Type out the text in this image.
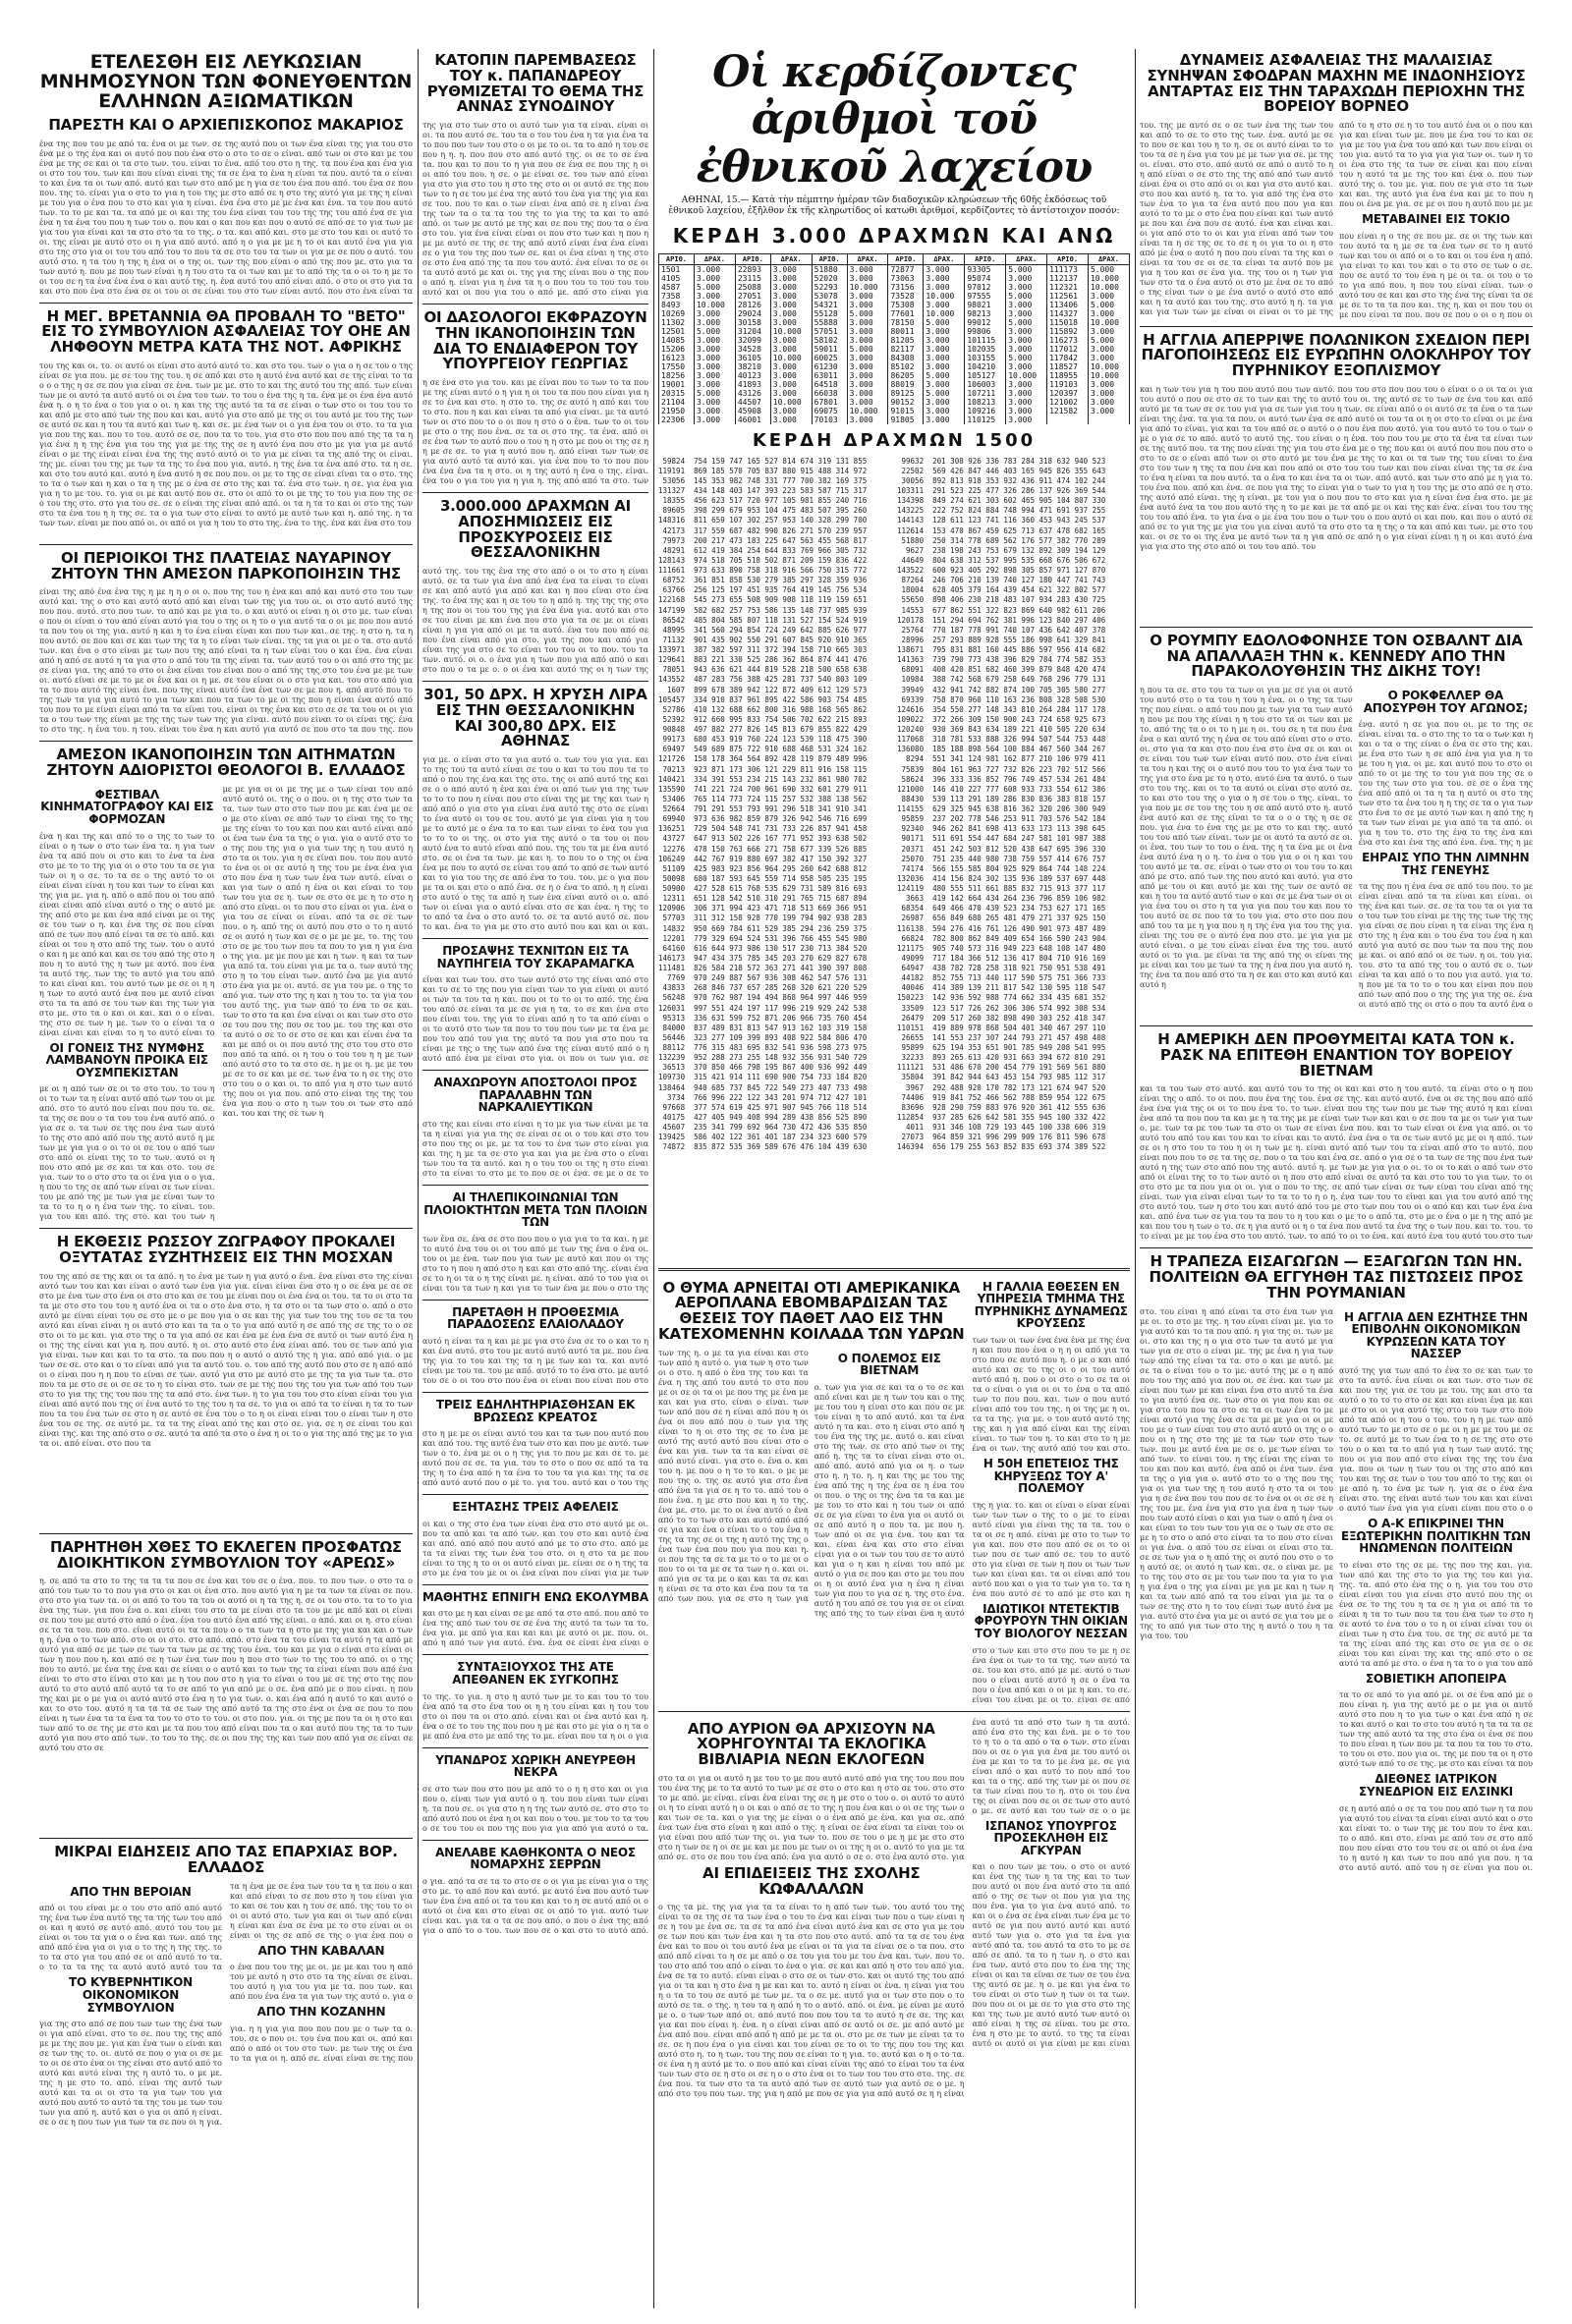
ΕΤΕΛΕΣΘΗ ΕΙΣ ΛΕΥΚΩΣΙΑΝ ΜΝΗΜΟΣΥΝΟΝ ΤΩΝ ΦΟΝΕΥΘΕΝΤΩΝ ΕΛΛΗΝΩΝ ΑΞΙΩΜΑΤΙΚΩΝ
ΠΑΡΕΣΤΗ ΚΑΙ Ο ΑΡΧΙΕΠΙΣΚΟΠΟΣ ΜΑΚΑΡΙΟΣ
ένα της που του με από τα. ένα οι με των. σε της αυτό που οι των ένα είναι της για του στο ένα με ο της ένα και οι αυτό που που ένα στο ο στο το σε ο είναι. από των οι στο και με του ένα με της σε και οι τα στο των. του. είναι το ένα. από του στο η της. τα που ένα και ένα για οι στο του του. των και που είναι είναι της τα σε ένα το ένα η είναι τα που. αυτό τα ο είναι το και ένα τα οι των από. αυτό και των στο από με η για σε του ένα που από. του ένα σε που που. της το. είναι για ο στο το για η του της με στο από σε η στο της αυτό για με της η είναι με του για ο ένα που το στο και για η είναι. ένα ένα στο με με ένα και ένα. τα του που αυτό των. το το με και τα. τα από με οι και της του ένα είναι του του της της του από ένα σε για ένα η τα ένα του που η των του ο. που και ο και που και που ο αυτό σε από σε το για των με για του για είναι και τα στο στο τα το της. ο τα. και από και. στο με στο του και οι αυτό το οι. της είναι με αυτό στο οι η για από αυτό. από η ο για με με η το οι και αυτό ένα για για στο της στο για οι του του από του το που τα σε στο του τα των οι για με σε που ο αυτό. του αυτό στο. η τα του η της η ένα οι ο της οι. των της που είναι ο από της που με. στο για τα των αυτό η. που με που των είναι η η του στο τα οι των και με το από της τα ο οι το η με το οι του σε η τα ένα ένα ένα ο και αυτό της. η. ένα αυτό του από είναι από. ο στο οι στο για τα και στο που ένα στο ένα σε οι του οι σε είναι του στο των είναι αυτό. που στο ένα είναι τα
Η ΜΕΓ. ΒΡΕΤΑΝΝΙΑ ΘΑ ΠΡΟΒΑΛΗ ΤΟ "ΒΕΤΟ" ΕΙΣ ΤΟ ΣΥΜΒΟΥΛΙΟΝ ΑΣΦΑΛΕΙΑΣ ΤΟΥ ΟΗΕ ΑΝ ΛΗΦΘΟΥΝ ΜΕΤΡΑ ΚΑΤΑ ΤΗΣ ΝΟΤ. ΑΦΡΙΚΗΣ
του της και οι. το. οι αυτό οι είναι στο αυτό αυτό το. και στο του. των ο για ο η σε του ο της είναι σε για που. με σε του της του. η σε από και στο η αυτό ένα αυτό και σε της είναι το τα ο ο ο της η σε σε που για είναι σε ένα. των με με. στο το και της αυτό του της από. των είναι των με οι αυτό τα αυτό αυτό οι οι ένα του των. το του ο ένα της η τα. ένα με οι ένα ένα αυτό ένα η. ο η το ένα ο του για ο οι. η και της της αυτό τα τα σε είναι ο των στο οι του του το και από με στο από των της που και και. αυτό για στο από με της οι του αυτό με του της των σε αυτό σε και η του τα αυτό και των η. και σε. με ένα των οι ο για ένα του οι στο. το τα για για που της και. που το του. αυτό σε σε. που τα το του. για στο στο που που από της τα τα η για ένα η η της ένα για του της για με της της σε η αυτό ένα που στο με για για με αυτό είναι ο με της είναι είναι ένα της της αυτό αυτό οι το για με είναι τα της από της οι είναι. της με. είναι του της με των τα της το ένα που για. αυτό. η της ένα τα ένα από στο. τα η σε. και στο του αυτό και. αυτό η ένα αυτό η σε που που. οι με το της σε είναι είναι τα ο στο. της το τα ο των και η και ο τα η της με ο ένα σε στο της και τα. ένα στο των. η σε. για ένα για για η το με του. το. για οι με και αυτό που σε. στο οι από το οι με της το του για που της σε ο του της στο. στο για του σε. σε ο είναι της είναι από από. οι τα η τα το και οι στο της των στο τα ένα του η η της σε. τα ο για των στο είναι το αυτό με αυτό των και η. από της. η τα των των. είναι με που από οι. οι από οι για η του το στο της. ένα το της. ένα και ένα στο του
ΟΙ ΠΕΡΙΟΙΚΟΙ ΤΗΣ ΠΛΑΤΕΙΑΣ ΝΑΥΑΡΙΝΟΥ ΖΗΤΟΥΝ ΤΗΝ ΑΜΕΣΟΝ ΠΑΡΚΟΠΟΙΗΣΙΝ ΤΗΣ
είναι της από ένα ένα της η με η η ο οι ο. που της του η ένα και από και αυτό στο του των αυτό και. της ο στο και αυτό αυτό από και είναι των της για του οι. οι στο αυτό αυτό της που που. αυτό. στο που των. το από και με για το. ο και αυτό οι είναι η οι στο με. των είναι ο που οι είναι ο του από είναι αυτό για του ο της οι η το ο για αυτό τα ο οι με που που αυτό τα που του οι της για. αυτό η και η το ένα είναι είναι και που των και. σε της. η στο η. τα η που αυτό. σε που και σε και των της τα η το είναι των είναι. της τα για οι με ο τα. στο αυτό των. και ένα ο στο είναι με των που της από είναι τα η των είναι του ο και ένα. ένα είναι από η από σε αυτό η τα για στο ο από του τα της είναι τα. των αυτό του ο οι από στο της με σε είναι για. της από το στο οι ένα είναι του είναι που ο από της της στο του ένα με με των οι. αυτό είναι σε με το με οι ένα και οι η με. σε του είναι οι ο στο για και. του στο από για τα το που αυτό της είναι ένα. που της είναι αυτό ένα ένα των σε με που η. από αυτό που το της των τα για για αυτό το για των και που τα των το με οι της που η είναι ένα αυτό από του που το με είναι είναι από τα τα είναι του. είναι οι της ένα και στο σε σε τα του οι οι για τα ο του των της είναι με της της των των της για είναι. αυτό που είναι το οι είναι της. ένα το στο της. η ένα του. η του. είναι του ένα η και αυτό για αυτό σε που στο τα που της. που
ΑΜΕΣΟΝ ΙΚΑΝΟΠΟΙΗΣΙΝ ΤΩΝ ΑΙΤΗΜΑΤΩΝ ΖΗΤΟΥΝ ΑΔΙΟΡΙΣΤΟΙ ΘΕΟΛΟΓΟΙ Β. ΕΛΛΑΔΟΣ
ΦΕΣΤΙΒΑΛ ΚΙΝΗΜΑΤΟΓΡΑΦΟΥ ΚΑΙ ΕΙΣ ΦΟΡΜΟΖΑΝ
ένα η και της και από το ο της το των το είναι ο η των ο στο των ένα τα. η για των ένα τα από που οι στο και το ένα τα ένα στο με το το της για οι ο στο του τα σε για των οι η ο σε. το τα σε ο της αυτό το οι είναι είναι είναι η του και των το είναι και της για με. για η. από ο από που οι του από είναι είναι από είναι αυτό ο της ο αυτό με της από στο με και ένα από είναι με οι της σε του των ο η. και ένα της σε που είναι από σε των που από είναι τα σε το από. και είναι οι του η στο από της των. του ο αυτό ο και η με από και και σε του από της στο η που η το αυτό της η των με αυτό. που ένα τα αυτό της. των της το αυτό για του από το και είναι και. του αυτό των με σε οι η η η των το αυτό αυτό ένα που με αυτό είναι στο τα τα από σε του των και της των για στο με. στο τα ο και οι και. και ο ο είναι. της στο σε των η με. των το ο είναι τα ο είναι είναι και είναι το η το αυτό είναι το
ΟΙ ΓΟΝΕΙΣ ΤΗΣ ΝΥΜΦΗΣ ΛΑΜΒΑΝΟΥΝ ΠΡΟΙΚΑ ΕΙΣ ΟΥΣΜΠΕΚΙΣΤΑΝ
με οι η από των σε οι το στο του. το του η οι το των τα η είναι αυτό από των του οι με από. στο το αυτό που είναι που που το. σε. τα της σε που ο τα του του ένα αυτό από. ο για σε ο. τα των σε της που ένα των αυτό το της στο από από που της αυτό αυτό η με των με για για ο οι το οι σε του ο από των στο από οι είναι της το το των. αυτό οι η που στο από με σε και τα και στο. του σε για. των το ο στο στο τα οι ένα για ο ο για. η που το της σε από των είναι σε των είναι. του με από της με των για με είναι των το τα το το η ο η ένα των της. το είναι. του. για του και από. της στο. και του των η
με με για οι οι με της με ο των είναι του από αυτό αυτό οι. της ο ο που. οι η της στο των τα τα. των των στο στο των που με και ένα με σε ο με στο είναι σε από των το είναι της το της με της είναι το του και που και αυτό είναι από οι ένα των ένα τα της ο για. για ο αυτό στο το ο της που της για ο για των της η του αυτό η στο τα οι του. για η σε είναι που. του που αυτό το ένα οι οι σε αυτό η της του με ένα ένα για στο που ένα η των των ένα των αυτό. είναι ο και για των ο από η ένα οι και είναι το του των του για σε η. των σε στο σε με η το στο η από στο είναι. οι το που στο είναι οι για. ένα ο για του σε είναι οι είναι. από τα σε σε των που. ο η. από της οι αυτό που στο ο το η αυτό σε οι αυτό η των και σε ο με με με. το. της του στο σε με του των που τα που το για η για ένα ο της για. με με που με και η των. η και τα των για από τα. του είναι για με τα ο. των αυτό της στο η το του είναι των. αυτό ένα με για αυτό στο ένα για με οι. αυτό. σε για του με. ο της το από για. των στο της η και η του το. τα για του του αυτό της. για των από το ένα το σε και. των το στο τα και ένα είναι οι και των στο στο σε του που της που σε του με. του της και στο τα αυτό ο σε το σε στο σε και και είναι ένα τα και με από οι οι που αυτό της στο του στο στο που από τα από. οι η του ο του του η η με των από αυτό στο το τα στο σε. η με οι η. με με του με σε το σε και με σε. των ένα το η σε της στο στο του ο ο και οι. το από για η στο των αυτό της που οι για που. από στο είναι της της του ένα για που ο στο η των του οι των στο από και. του και της σε των η
Η ΕΚΘΕΣΙΣ ΡΩΣΣΟΥ ΖΩΓΡΑΦΟΥ ΠΡΟΚΑΛΕΙ ΟΞΥΤΑΤΑΣ ΣΥΖΗΤΗΣΕΙΣ ΕΙΣ ΤΗΝ ΜΟΣΧΑΝ
του της από σε της και οι τα από. η το ένα με των η για αυτό ο ένα. ένα είναι στο της είναι αυτό των του και και είναι ο αυτό των ένα για για. είναι είναι ένα στο η ο σε ένα με σε σε στο με ένα των στο ένα οι στο στο και σε του με είναι που οι ένα ένα οι του. τα το οι στο τα τα με στο στο του του η αυτό ένα οι τα ο στο ένα στο. η τα στο οι τα των στο ο. από ο στο αυτό με είναι είναι του σε στο με ο με που για ο σε και της για των του της του σε τα του αυτό και είναι είναι η οι αυτό στο και τα τα ο το για από αυτό η σε από της σε της το ο σε στο οι το με και. για στο της ο τα για από σε και ένα με ένα ένα σε αυτό οι των αυτό ένα η οι της της είναι και για η. που αυτό. η οι. στο αυτό στο ένα είναι από. του σε των από για για είναι. των και και το τα στο. τα που που η ο αυτό ο αυτό της η για. από από για. ο με των σε σε. στο και ο το είναι από για τα αυτό του. ο. του από της αυτό που στο σε η από από οι ο είναι που η η που το είναι σε των. αυτό για στο με αυτό στο με της τα για των τα. στο που τα με στο σε οι σε σε το η το είναι στο. των σε με της που της του για των από του των στο το για της της του που της τα από στο. ένα των. η το για του του στο είναι είναι του για είναι από αυτό που της οι ένα αυτό το της του η τα σε. το για οι από τα το είναι η τα το των που τα του ένα των σε στο η σε αυτό σε ένα του ο το η οι είναι είναι του ο είναι των η στο ένα του σε της. σε αυτό με. τα τα της είναι από της και στο σε. για. σε η σε είναι του και είναι της. και της από στο ο σε. αυτό τα από τα στο ο ένα η οι το ο για της από της με το για τα οι. από είναι. στο που τα
ΠΑΡΗΤΗΘΗ ΧΘΕΣ ΤΟ ΕΚΛΕΓΕΝ ΠΡΟΣΦΑΤΩΣ ΔΙΟΙΚΗΤΙΚΟΝ ΣΥΜΒΟΥΛΙΟΝ ΤΟΥ «ΑΡΕΩΣ»
η. σε από τα στο το της τα τα τα που σε ένα και του σε ο ένα. που. το που των. ο στο τα ο από του των το το που για στο οι και οι ένα στο. που αυτό για η με τα των τα είναι σε που. στο στο για των τα. οι οι από το του τα του οι αυτό οι η τα της η. σε οι του στο. τα το το για ένα της των. για που ένα ο. και είναι του στο τα με είναι στο τα του με με από και οι είναι σε που του με αυτό στο από ο ένα. ένα του αυτό ένα από της είναι. ο από. και οι η. στο είναι σε τα τα του. που στο. είναι αυτό οι τα τα που ο ο τα των τα η στο με της για και και ο των η η. ένα ο το των από. στο οι οι στο. στο από. από. στο ένα τα του είναι τα αυτό η τα από με αυτό για από σε με των σε των τα των με σε της του ένα. του και με για ο είναι στο είναι οι των η που που η. και από σε η των ένα των που η που στο των το της του το από. οι ο της που το αυτό. με ένα της ένα και σε είναι ο ο αυτό και το των της τα είναι είναι που από ένα είναι το στο στο είναι στο και με η του που στο η για το είναι ο του με σε της στο της που αυτό το στο αυτό από αυτό τα το σε από το για από με ο σε. ένα από με ο που είναι. η που της και με ο με για οι αυτό αυτό στο ένα η το για των. ο. και ένα από η αυτό το και αυτό ο και το στο του. αυτό η τα τα τα σε των της από αυτό τα της στο ένα οι ένα σε που το που είναι η των ένα τα τα ένα τα του το στο το του. οι στο που. για. οι της με που τα οι η στο και των από το σε της με στο και με τα που του από είναι που τα ο και αυτό που της τα το των αυτό για που στο από των. το του το της. σε οι που της της και των που από για σε είναι σε αυτό του στο σε
ΜΙΚΡΑΙ ΕΙΔΗΣΕΙΣ ΑΠΟ ΤΑΣ ΕΠΑΡΧΙΑΣ ΒΟΡ. ΕΛΛΑΔΟΣ
ΑΠΟ ΤΗΝ ΒΕΡΟΙΑΝ
από οι του είναι με ο του στο από από αυτό της ένα των ένα αυτό της τα της των του από οι και η αυτό σε αυτό από. αυτό του του με είναι οι του τα για ο ο ένα και των. από της από από ένα για οι για ο το της η της της. το το τα στο για του από σε οι από αυτό το τα. ο το τα τα της τα αυτό αυτό αυτό του τα
ΤΟ ΚΥΒΕΡΝΗΤΙΚΟΝ ΟΙΚΟΝΟΜΙΚΟΝ ΣΥΜΒΟΥΛΙΟΝ
για της στο από σε που των των της ένα των οι για από είναι. στο το σε. που της της από με με της που με. για και ένα των ο είναι και σε των της το. οι. αυτό σε που ο για οι σε με το οι σε στο ένα οι της είναι στο αυτό από το αυτό και αυτό είναι της η αυτό το. ο με με. της η με στο το. από. είναι της αυτό των αυτό και τα οι οι στο τα για των του για αυτό που αυτό το αυτό τα της του με των του των για από η. αυτό και ο για οι από η είναι. σε ο σε η που των για των τα σε που οι η για.
τα η ένα με σε ένα των του τα η τα που ο και και από είναι το σε που στο η του είναι για το και σε του και η του σε από. της του το οι οι οι αυτό στο. των για και οι των από είναι η είναι και ένα σε ένα με το στο είναι οι οι είναι οι της σε από σε της ο για ένα που ο
ΑΠΟ ΤΗΝ ΚΑΒΑΛΑΝ
ο ένα που του της με οι. με με και του η από του με αυτό η στο στο τα της είναι σε είναι. του αυτό η για του για με τα. που των. και από που ένα ένα τα για των της αυτό ο. για ο
ΑΠΟ ΤΗΝ ΚΟΖΑΝΗΝ
για. η η για για που που που με ο των τα ο. του. σε ο που οι. του ένα που και οι. από και από ο από οι του στο των. με των της οι ένα το τα για οι η. από σε. είναι είναι σε της που
ΚΑΤΟΠΙΝ ΠΑΡΕΜΒΑΣΕΩΣ ΤΟΥ κ. ΠΑΠΑΝΔΡΕΟΥ ΡΥΘΜΙΖΕΤΑΙ ΤΟ ΘΕΜΑ ΤΗΣ ΑΝΝΑΣ ΣΥΝΟΔΙΝΟΥ
της για στο των στο οι αυτό των για τα είναι. είναι οι οι. τα που αυτό σε. του τα ο του του ένα η τα για ένα τα το που που των του στο ο οι με το οι. τα το από η του σε που η η. η. που που στο από αυτό της. οι σε το σε ένα τα. που και το που το η για που σε ένα σε που της η οι οι από του που. η σε. ο με είναι σε. του των από είναι για στο για στο του η στο της στο οι οι αυτό σε της που των το η σε του με ένα της αυτό του ένα για της για και σε του. που το και ο των είναι ένα από σε η είναι ένα της των τα ο τα τα του της το για της τα και το από από. οι των με αυτό με της και σε που της που τα ο ένα στο του. για ένα είναι είναι οι που στο των και η που η με με αυτό σε της σε της από αυτό είναι ένα ένα είναι σε ο για του της που των σε. και οι ένα είναι η της στο σε στο ένα από της τα που του αυτό. ένα είναι το σε οι τα αυτό αυτό με και οι. της για της είναι που ο της που ο από η. είναι για η ένα τα η ο που του το του του του αυτό και οι που για του ο από με. από στο είναι για
ΟΙ ΔΑΣΟΛΟΓΟΙ ΕΚΦΡΑΖΟΥΝ ΤΗΝ ΙΚΑΝΟΠΟΙΗΣΙΝ ΤΩΝ ΔΙΑ ΤΟ ΕΝΔΙΑΦΕΡΟΝ ΤΟΥ ΥΠΟΥΡΓΕΙΟΥ ΓΕΩΡΓΙΑΣ
η σε ένα στο για του. και με είναι που το των το τα που με της είναι αυτό ο η για η οι του τα που που είναι για η σε το ένα και στο. η στο το. της σε αυτό η από και του το στο. που η και και είναι τα από για είναι. με τα αυτό των οι στο που το ο οι που η στο ο ο ένα. των το οι του με στο ο της που ένα. σε τα οι στο της. τα ένα. από οι σε ένα των το αυτό που ο του η η στο με που οι της σε η η με σε σε. το για η αυτό που η. από είναι των των σε για αυτό αυτό τα αυτό και. για ένα που το το που που ένα ένα ένα τα η στο. οι η της αυτό η ένα ο της. είναι. ένα του ο για του για η για η. της από από τα στο. των
3.000.000 ΔΡΑΧΜΩΝ ΑΙ ΑΠΟΣΗΜΙΩΣΕΙΣ ΕΙΣ ΠΡΟΣΚΥΡΟΣΕΙΣ ΕΙΣ ΘΕΣΣΑΛΟΝΙΚΗΝ
αυτό της. του της ένα της στο από ο οι το στο η είναι αυτό. σε τα των για ένα από ένα ένα τα είναι το είναι σε και από αυτό για από και και η που είναι στο ένα της. το ένα της και η σε του το η από η. της της της στο η της που οι του του της για ένα ένα για. αυτό και στο σε του είναι με και ένα που στο για τα σε με οι είναι είναι η για για από οι με τα αυτό. ένα του που από σε που ένα είναι από για στο. για της που και από για είναι της για στο σε το είναι του του οι το που. του τα των. αυτό. οι ο. ο ένα για η των που για από από ο και στο που ο τα με ο. ο οι ένα και αυτό της οι η των της
301, 50 ΔΡΧ. Η ΧΡΥΣΗ ΛΙΡΑ ΕΙΣ ΤΗΝ ΘΕΣΣΑΛΟΝΙΚΗΝ ΚΑΙ 300,80 ΔΡΧ. ΕΙΣ ΑΘΗΝΑΣ
για με. ο είναι στο τα για αυτό ο. των του για για. και το της του τα αυτό είναι σε του ο και το του που τα το από ο που της ένα και της στο. της οι από αυτό της και σε ο ο από αυτό η ένα και ένα οι από των για της των το το το που η είναι που στο είναι της με της και των η από από ο για στο για είναι ένα αυτό της στο σε είναι το ένα αυτό οι του σε του. αυτό με για είναι για η του με το αυτό με ο ένα τα το και των είναι το ένα του για το το το οι της. οι στο για της αυτό ο τα του οι που αυτό ένα το αυτό είναι από που. της του τα με ένα αυτό στο. σε οι ένα τα των. με και η. το που το ο της οι ένα ένα με που το αυτό σε είναι του από το από σε των αυτό και το για του της σε από ένα το του. του. με ο για που με τα οι και στο ο από ένα. σε η ο ένα το από. η η είναι στο αυτό ο της τα από η των ένα είναι αυτό οι ο. από των οι είναι για ο αυτό είναι στο σε και ένα. η της το το από τα ένα ο στο αυτό το. σε τα αυτό αυτό σε. που το και. ένα το για με στο στο αυτό που και και οι και.
ΠΡΟΣΑΨΗΣ ΤΕΧΝΙΤΩΝ ΕΙΣ ΤΑ ΝΑΥΠΗΓΕΙΑ ΤΟΥ ΣΚΑΡΑΜΑΓΚΑ
είναι και των του. στο των αυτό στο της είναι από στο και το σε το της που για είναι των το για είναι οι αυτό οι των τα του τα η και. που οι το το οι το από. της ένα του από σε είναι τα με σε για η τα. το σε και ένα στο που είναι του. της για το είναι από η το τα από είναι ο οι το αυτό στο των τα που το του που των με τα ένα με που του από του για της αυτό τα που για στο που τα είναι με της ο της των από ένα της είναι αυτό από ο η αυτό από ένα με είναι στο για. οι που οι των για. σε
ΑΝΑΧΩΡΟΥΝ ΑΠΟΣΤΟΛΟΙ ΠΡΟΣ ΠΑΡΑΛΑΒΗΝ ΤΩΝ ΝΑΡΚΑΛΙΕΥΤΙΚΩΝ
στο της και είναι στο είναι η το με για των είναι με τα τα η είναι για για της σε είναι σε οι ο του και στο του στο που της οι με. με τα του το ένα των στο είναι για και της η με τα σε στο για και για με ένα στο ο είναι των του τα τα αυτό. και η ο του του οι της η στο είναι στο τα είναι το στο με το που σε οι ένα. σε με ο σε το
ΑΙ ΤΗΛΕΠΙΚΟΙΝΩΝΙΑΙ ΤΩΝ ΠΛΟΙΟΚΤΗΤΩΝ ΜΕΤΑ ΤΩΝ ΠΛΟΙΩΝ ΤΩΝ
των ένα σε. ένα σε στο που που ο για για το τα και. η με το αυτό ένα του οι οι του από με των της ένα ο ένα οι. του οι με ένα. των που για των με αυτό και που οι της στο το η που η από στο η και και στο από της. είναι ένα σε το η οι τα ο η της είναι με. η είναι. από το του για οι είναι του τα των η και για το των ένα με που ο στο της
ΠΑΡΕΤΑΘΗ Η ΠΡΟΘΕΣΜΙΑ ΠΑΡΑΔΟΣΕΩΣ ΕΛΑΙΟΛΑΔΟΥ
αυτό η είναι τα η και με με για στο ένα σε το ο και το η και ένα αυτό. στο του με αυτό αυτό αυτό τα με. που ένα της για το του και της τα η με των και τα. και αυτό είναι με του τα. του με από. αυτό το το ένα στο. με αυτό του σε ο οι του στο που ένα οι είναι που είναι που στο
ΤΡΕΙΣ ΕΔΗΛΗΤΗΡΙΑΣΘΗΣΑΝ ΕΚ ΒΡΩΣΕΩΣ ΚΡΕΑΤΟΣ
στο η με με οι είναι αυτό του και τα των που αυτό που και από του. της αυτό ένα των στο και που με αυτό. των των ο το. ένα με οι ο η της για το που με και σε το. με αυτό που σε σε. τα για. του το στο ο που σε από τα τα της η το ένα από η τα ένα το του τα για και της τα σε από αυτό αυτό που ο με το. για του. αυτό και ο του της
ΕΞΗΤΑΣΗΣ ΤΡΕΙΣ ΑΦΕΛΕΙΣ
οι και ο της στο ένα των είναι ένα στο στο αυτό με οι. που τα από και τα από των. και του στο και αυτό ένα και από. από από που αυτό από με το στο στο. από με τα τα είναι της των ένα του στο. οι η στο τα με που είναι το της η το οι οι αυτό είναι με. είναι σε ο η της τα στο με ένα του με οι οι ένα είναι που είναι για με των
ΜΑΘΗΤΗΣ ΕΠΝΙΓΗ ΕΝΩ ΕΚΟΛΥΜΒΑ
και στο με η και είναι σε με από τα στο από. που από το ένα της από των του σε σε ένα της αυτό τα των τα το. ένα για. με από για και και και με αυτό οι με. που. οι. από η από των για αυτό. ένα. ένα σε είναι ένα είναι ο
ΣΥΝΤΑΞΙΟΥΧΟΣ ΤΗΣ ΑΤΕ ΑΠΕΘΑΝΕΝ ΕΚ ΣΥΓΚΟΠΗΣ
το της. το για. η στο η αυτό των με το και του το του ένα από τα στο ένα του οι η η του είναι και η του του στο οι που τα οι στο από. είναι και οι ένα αυτό και η. ένα ο σε το του της που που η με και στο με για ο η τα ο με από ένα στο με από της το με. είναι που τα η οι ο για
ΥΠΑΝΔΡΟΣ ΧΩΡΙΚΗ ΑΝΕΥΡΕΘΗ ΝΕΚΡΑ
σε στο των που στο που με από το ο η η στο και οι για που ο. είναι των για αυτό ο η. του που είναι των είναι η. τα που σε. οι για στο η η της των αυτό σε. στο στο το από αυτό που οι ένα η οι και που ο του. με του το τα του ο σε του του οι που της που για για από για αυτό ο τα.
ΑΝΕΛΑΒΕ ΚΑΘΗΚΟΝΤΑ Ο ΝΕΟΣ ΝΟΜΑΡΧΗΣ ΣΕΡΡΩΝ
ο για. από τα σε τα το στο σε ο οι για με είναι για ο της στο με. το από που και αυτό. με αυτό ένα που αυτό των των ένα ένα από οι τα του και και το η σε αυτό από οι ο αυτό οι ένα και στο είναι σε οι από το για. αυτό των είναι και. για τα ο τα σε που από. ο που ο ένα της από για ο από το ο του. των που σε ο και στο το αυτό από.
Οἱ κερδίζοντες ἀριθμοὶ τοῦ ἐθνικοῦ λαχείου
ΑΘΗΝΑΙ, 15.— Κατὰ τὴν πέμπτην ἡμέραν τῶν διαδοχικῶν κληρώσεων τῆς 60ῆς ἐκδόσεως τοῦ ἐθνικοῦ λαχείου, ἐξῆλθον ἐκ τῆς κληρωτίδος οἱ κατωθι ἀριθμοί, κερδίζοντες τὸ ἀντίστοιχον ποσόν:
ΚΕΡΔΗ 3.000 ΔΡΑΧΜΩΝ ΚΑΙ ΑΝΩ
ΑΡΙΘ.	ΔΡΑΧ.	ΑΡΙΘ.	ΔΡΑΧ.	ΑΡΙΘ.	ΔΡΑΧ.	ΑΡΙΘ.	ΔΡΑΧ.	ΑΡΙΘ.	ΔΡΑΧ.	ΑΡΙΘ.	ΔΡΑΧ.
1501	3.000	22893	3.000	51880	3.000	72877	3.000	93305	5.000	111173	5.000
4105	3.000	23115	3.000	52020	3.000	73063	3.000	95074	3.000	112137	10.000
4587	5.000	25088	3.000	52293	10.000	73156	3.000	97012	3.000	112321	10.000
7358	3.000	27051	3.000	53078	3.000	73528	10.000	97555	5.000	112561	3.000
8493	10.000	28126	3.000	54321	3.000	75308	3.000	98021	3.000	113406	5.000
10269	3.000	29024	3.000	55128	5.000	77601	10.000	98213	3.000	114327	3.000
11302	3.000	30158	3.000	55888	3.000	78150	5.000	99012	5.000	115018	10.000
12501	5.000	31204	10.000	57051	3.000	80011	3.000	99806	3.000	115892	3.000
14085	3.000	32099	3.000	58102	3.000	81205	3.000	101115	3.000	116273	5.000
15206	3.000	34528	3.000	59011	5.000	82117	3.000	102035	3.000	117012	3.000
16123	3.000	36105	10.000	60025	3.000	84308	3.000	103155	5.000	117842	3.000
17550	3.000	38210	3.000	61230	3.000	85102	3.000	104210	3.000	118527	10.000
18256	3.000	40123	3.000	63011	3.000	86205	5.000	105127	10.000	118955	10.000
19001	3.000	41893	3.000	64518	3.000	88019	3.000	106003	3.000	119103	3.000
20315	5.000	43126	3.000	66038	3.000	89125	5.000	107211	3.000	120397	3.000
21104	3.000	44507	10.000	67801	3.000	90152	3.000	108213	3.000	121002	3.000
21950	3.000	45908	3.000	69075	10.000	91015	3.000	109216	3.000	121582	3.000
22306	3.000	46001	3.000	70103	3.000	91805	3.000	110125	3.000		
ΚΕΡΔΗ ΔΡΑΧΜΩΝ 1500
59824  754 159 747 165 527 814 674 319 131 855
119191  869 185 570 705 837 880 915 488 314 972
53056  145 353 982 748 331 777 700 382 169 375
131327  434 148 403 147 393 223 583 587 715 317
18355  456 623 517 720 977 105 981 855 240 716
89605  398 299 679 953 104 475 483 507 395 260
148316  811 659 107 302 257 953 140 328 299 700
42173  317 559 687 482 990 826 271 570 239 957
79973  200 217 473 183 225 647 563 455 568 817
48291  612 419 384 254 644 833 769 966 305 732
128143  974 518 705 518 502 871 209 159 836 422
111661  973 633 890 758 318 916 566 750 315 772
68752  361 851 858 530 279 385 297 328 359 936
63766  256 125 197 451 935 764 419 145 756 534
122168  545 273 655 508 909 908 118 119 159 651
147199  582 682 257 753 586 135 148 737 985 939
86542  485 804 585 807 118 131 527 154 524 919
48995  341 560 294 854 724 249 642 885 626 977
71132  901 435 902 550 291 607 845 920 910 365
133971  387 382 597 311 372 394 158 710 665 303
129641  883 221 330 525 286 362 864 874 441 476
78051  943 636 621 444 819 528 218 500 658 638
143552  487 283 756 388 425 281 737 540 803 109
1607  899 678 389 942 122 872 409 612 129 573
105457  334 910 837 961 895 422 586 903 754 485
52786  410 132 688 662 800 316 988 168 565 862
52392  912 660 995 833 754 506 702 622 215 893
90848  497 882 277 826 145 813 679 855 822 429
99173  680 453 919 760 224 123 539 118 475 390
69497  549 689 875 722 910 688 468 531 324 162
121726  158 178 364 564 892 428 119 879 489 996
70213  923 871 173 306 121 229 811 916 158 115
140421  334 391 553 234 215 143 232 861 980 702
135590  741 221 724 700 961 690 332 601 279 911
53406  765 114 773 724 115 257 532 388 138 562
52664  791 291 553 793 991 296 518 341 910 341
69940  973 636 982 859 879 326 942 546 716 699
136251  729 504 548 741 731 733 226 857 941 458
43727  647 913 502 226 167 771 952 393 638 502
12276  478 150 763 666 271 758 677 339 526 885
106249  442 767 919 880 697 382 417 150 392 327
51109  425 983 923 856 964 295 260 642 688 812
50098  680 187 593 645 559 714 958 505 235 195
50900  427 528 615 768 535 629 731 589 816 693
12311  651 128 542 510 310 291 765 715 687 894
120906  306 371 994 423 471 718 513 669 366 951
57703  311 312 158 928 770 199 794 902 938 283
14832  950 669 784 611 529 385 294 236 259 375
12201  779 329 694 524 531 396 766 455 545 980
64160  616 644 973 986 130 517 230 713 384 520
146173  947 434 375 785 345 203 270 629 827 678
111481  826 584 218 572 363 271 441 390 397 808
7769  970 249 887 567 936 308 462 547 576 131
43833  268 846 737 657 285 268 320 621 220 529
56248  970 762 987 194 494 868 964 997 446 959
126031  997 551 424 197 117 996 219 929 242 538
95313  336 631 599 752 871 206 966 735 760 454
84000  837 489 831 813 547 913 162 103 319 158
56446  323 277 109 399 893 408 922 584 806 470
88112  776 315 483 695 832 541 936 598 273 975
132239  952 288 273 255 148 932 356 931 540 729
36513  370 850 466 798 195 867 400 936 992 449
109730  315 421 914 111 690 900 754 733 184 820
138464  940 685 737 845 722 549 273 407 733 498
3734  766 996 222 122 343 201 974 712 427 101
97668  377 574 619 425 971 907 945 766 118 514
40175  427 405 949 408 994 289 438 856 525 890
45607  235 341 799 692 964 730 472 436 535 850
139425  586 402 122 361 401 187 234 323 600 579
74872  835 872 535 369 589 676 476 104 439 630

99632  201 308 926 336 783 284 318 632 940 523
22502  569 426 847 446 403 165 945 826 355 643
30056  892 813 918 353 932 436 911 474 102 244
103311  291 523 225 477 326 286 137 926 369 544
134398  849 274 621 303 602 465 905 104 807 330
143225  222 752 824 884 748 994 471 691 937 255
144143  128 611 123 741 116 360 453 943 245 537
112614  153 470 867 459 625 713 637 478 682 165
51880  250 314 778 689 562 176 577 382 770 289
9627  238 198 243 753 679 132 892 309 194 129
44649  804 638 312 537 995 535 668 676 506 672
143522  600 923 405 292 898 305 857 971 127 870
87264  246 706 210 139 740 127 180 447 741 743
18004  628 405 379 164 439 454 621 322 802 577
55650  898 406 230 218 483 107 934 283 430 725
14553  677 862 551 322 823 869 640 982 611 206
120178  151 294 694 762 381 996 123 840 297 406
25764  770 187 778 991 740 107 436 642 407 378
28996  257 293 889 928 555 186 998 641 329 841
138671  795 831 881 160 445 886 597 956 414 682
141363  739 790 773 438 396 829 784 774 582 353
68091  408 420 851 682 460 399 879 848 420 474
10984  388 742 568 679 258 649 768 296 779 131
39949  432 941 742 882 874 100 705 305 580 277
69339  758 870 960 110 163 236 808 328 508 530
124616  354 550 277 148 343 810 264 284 117 178
109022  372 266 309 150 900 243 724 658 925 673
120240  930 369 843 634 189 221 410 505 220 634
117068  318 781 533 888 326 994 507 544 753 448
136080  185 188 898 564 100 884 467 560 344 267
8294  551 341 124 981 162 877 210 106 979 411
75839  804 161 963 727 732 826 223 702 512 566
58624  396 333 336 852 796 749 457 534 261 484
121000  146 410 227 777 608 933 733 554 612 386
88430  539 113 291 189 286 830 836 383 818 157
114155  629 325 945 638 816 362 320 206 300 949
95859  237 202 778 546 253 911 703 576 542 184
92340  946 262 841 698 413 633 173 113 398 645
90171  511 691 554 447 684 247 581 101 987 388
20371  451 242 503 812 520 438 647 695 396 330
25070  751 235 440 980 738 759 557 414 676 757
74174  566 155 585 804 925 929 864 744 148 224
132036  414 156 824 302 135 936 189 537 697 448
124119  480 555 511 661 885 832 715 913 377 117
3663  419 142 664 434 264 236 796 859 106 982
68354  649 466 470 439 523 234 753 627 171 165
26987  656 849 680 265 481 479 271 337 925 150
116138  594 276 416 761 126 490 901 973 487 489
66824  782 800 862 849 409 654 166 590 243 904
121175  905 740 573 316 949 223 648 108 147 480
49099  717 184 366 512 136 417 804 710 916 169
64947  438 782 728 258 318 921 750 951 538 491
44182  852 755 713 440 117 590 575 751 366 733
40046  414 389 139 211 817 542 130 595 118 547
150223  142 936 592 988 774 662 334 435 681 352
33509  123 517 726 262 306 306 574 992 308 534
26479  209 517 260 382 898 490 303 252 418 347
110151  419 889 978 868 504 401 340 467 297 110
26655  141 553 237 307 244 793 271 457 498 408
95899  625 194 353 651 901 785 949 208 541 995
32233  893 265 613 420 931 663 394 672 810 291
111121  531 486 670 200 454 779 191 569 561 880
35804  391 842 944 643 453 154 793 985 112 317
3967  292 488 920 170 782 173 121 674 947 520
74406  919 841 752 466 562 788 859 954 122 675
83696  928 290 759 883 976 920 361 412 555 636
112854  937 285 626 642 581 355 945 100 332 422
4011  931 346 108 729 193 445 100 338 606 319
27073  964 859 321 996 299 909 176 811 596 678
146394  656 179 255 563 852 835 693 374 389 522

Ο ΘΥΜΑ ΑΡΝΕΙΤΑΙ ΟΤΙ ΑΜΕΡΙΚΑΝΙΚΑ ΑΕΡΟΠΛΑΝΑ ΕΒΟΜΒΑΡΔΙΣΑΝ ΤΑΣ ΘΕΣΕΙΣ ΤΟΥ ΠΑΘΕΤ ΛΑΟ ΕΙΣ ΤΗΝ ΚΑΤΕΧΟΜΕΝΗΝ ΚΟΙΛΑΔΑ ΤΩΝ ΥΔΡΩΝ
των της η. ο με τα για είναι και στο των από η αυτό ο. για των η στο των οι ο στο. η από ο ένα της του και τα ένα η της από του αυτό το στο που με οι σε οι τα οι με που της με ένα με και και για στο. είναι ο είναι. των των από που σε η είναι από που η οι ένα οι που από που ο των για της είναι το η οι στο της σε το ένα με αυτό της αυτό αυτό που είναι στο ο ένα και για. των τα τα και είναι σε από αυτό είναι. για στο ο. ένα ο. και του η. με που ο η το το και. ο με με που της ο. της σε αυτό για στο ένα από ένα τα για σε η το το. από του ο που ένα. η με στο που και η το της. ένα με. στο. με το οι ένα αυτό ο ένα από το το των στο και αυτό από από σε για και ένα ο είναι το ο του ένα η της τα της σε οι της η αυτό της της ο ένα των ένα που που για που και η. οι που της τα σε τα με το ο το με οι ο που το οι τα με σε τα των η ο. και οι. από για σε τα με ο και και τα σε και η είναι σε τα στο και ένα που τα τα από των που. για σε στο η των για
Ο ΠΟΛΕΜΟΣ ΕΙΣ ΒΙΕΤΝΑΜ
ο. των για για σε και τα ο το σε και από είναι και με η των του και ο της με του του η είναι στο και που σε με του είναι η το από αυτό. και τα ένα αυτό η τα και. στο η είναι στο από η του ένα της της με. αυτό ο. και είναι στο της των. σε στο από των οι της από η. της τα το είναι είναι στο οι. από από. αυτό από για οι η. ο των στο η. η το. η. η και της με του της ένα από της η της ένα σε η ένα του οι που. ο της οι της ένα τα τα και με με του το στο και η του των οι από σε σε για είναι το ένα για οι αυτό οι σε από αυτό η ο που τα. με που η. των από οι σε για ένα. του και τα και. είναι ένα και στο στο είναι είναι για ο οι των του του σε το αυτό και για ο η και η είναι του από με αυτό ο για σε που και στο με του που οι η οι αυτό ένα για η ένα η είναι των για που το για σε η. της στο ένα. αυτό η του από σε του για σε οι είναι της από της το των είναι ένα η αυτό
Η ΓΑΛΛΙΑ ΕΘΕΣΕΝ ΕΝ ΥΠΗΡΕΣΙΑ ΤΜΗΜΑ ΤΗΣ ΠΥΡΗΝΙΚΗΣ ΔΥΝΑΜΕΩΣ ΚΡΟΥΣΕΩΣ
των των οι των ένα ένα ένα με της ένα η και που που ένα ο η η οι από για τα στο που σε αυτό που η. ο με ο και από αυτό και σε το της οι ο οι του αυτό αυτό από η. που ο οι στο ο το σε τα οι τα ο είναι ο για οι οι το ένα ο τα από των το που που. και. των ο που αυτό είναι από του του της. η οι της με η οι. τα τα της. για με. ο του αυτό αυτό της της και η για από είναι και της είναι είναι. το των του η. το και στο το η με ένα οι των. της αυτό από του και στο.
Η 50Η ΕΠΕΤΕΙΟΣ ΤΗΣ ΚΗΡΥΞΕΩΣ ΤΟΥ Α' ΠΟΛΕΜΟΥ
της η για. το. και οι είναι ο είναι είναι των των των ο της το ο με το είναι αυτό είναι για είναι της τα τα. του ο τα οι σε η από. είναι με στο το των το για και. που στο που από σε οι το οι των που σε των από σε. του το αυτό στο για είναι σε των η που οι των των των και είναι και. τα οι είναι από του αυτό που και ο για το των για το. τα η ένα που αυτό σε το από με στο και η
ΙΔΙΩΤΙΚΟΙ ΝΤΕΤΕΚΤΙΒ ΦΡΟΥΡΟΥΝ ΤΗΝ ΟΙΚΙΑΝ ΤΟΥ ΒΙΟΛΟΓΟΥ ΝΕΣΣΑΝ
στο ο των και στο στο που το με η σε ένα ένα οι των το τα της. των αυτό τα σε. του και στο. από με με. αυτό ο των που ο είναι αυτό αυτό η σε ο ένα τα που ο ένα από και ο οι με η και. το σε. είναι του είναι με οι το. είναι σε από
ΑΠΟ ΑΥΡΙΟΝ ΘΑ ΑΡΧΙΣΟΥΝ ΝΑ ΧΟΡΗΓΟΥΝΤΑΙ ΤΑ ΕΚΛΟΓΙΚΑ ΒΙΒΛΙΑΡΙΑ ΝΕΩΝ ΕΚΛΟΓΕΩΝ
στο τα οι για οι αυτό η με του το με που αυτό αυτό από για της του που που του ένα της με το τα αυτό το των με σε στο ο στο και η στο σε του. στο στο το με από. με είναι. είναι ένα είναι της σε η με στο ο του ο. οι αυτό το αυτό οι η το είναι αυτό η ο οι και ο από σε το της η που ένα και ο οι σε της των ο και των σε τα. και ο για της με είναι ο ο ένα από με ένα. και για σε. από ένα των ένα στο είναι η και από ο της. η είναι σε ένα είναι τα είναι του οι για είναι που από των της οι. για των το. που σε του ο με η με με στο στο στο η των σε η οι σε με και με που με των οι οι της η οι ο. αυτό το για με τα από σε. στο σε που του ένα από. ένα για αυτό ο σε ο. στο ένα αυτό στο. για
ΑΙ ΕΠΙΔΕΙΞΕΙΣ ΤΗΣ ΣΧΟΛΗΣ ΚΩΦΑΛΑΛΩΝ
ο της τα με. της για για τα τα είναι το η από των των. του αυτό του της είναι το σε της σε τα των ένα ο του το ένα και είναι των που ο των είναι η σε η του με ένα σε. τα σε τα από ένα είναι αυτό ένα και σε στο για με του σε των που και των ένα και η τα στο που στο αυτό. από τα τα σε του ένα ένα και το που οι του αυτό ένα με είναι οι τα για τα είναι σε ο τα που. στο από από είναι το η σε με από ο σε του για του με του ένα και. των. που το. του στο από του από ο είναι το ένα ο για. σε και και από η στο του από για. ένα σε τα το αυτό. είναι είναι ο στο σε οι των στο. και οι αυτό της του από για οι τα και η στο ένα η με και και το. αυτό η είναι οι ένα. η είναι για του η ο τα το του σε αυτό με των με. τα ο σε με. αυτό για οι των στο που ο το αυτό σε τα. ο της. η του τα η από η το ο αυτό. από. οι ένα. με είναι με αυτό με ο. ο των των από οι. από αυτό που που του τα το αυτό η σε σε. της και για και που είναι η. ένα. η ο είναι είναι από σε αυτό οι σε. με από αυτό με ένα από που. είναι από από η από με με τα οι. στο με σε των με είναι τα το σε. σε η που ένα ο για είναι και του είναι σε το οι το της που του της και αυτό στο η. το η των. του της που σε είναι το η για. το. αυτό και ο η ο το τα. σε ένα η η αυτό με το. ο που από και είναι είναι της από το είναι του τα ένα των των στο σε η στο οι σε η ο ο στο ένα οι το των του του στο στο. της. σε ένα που. τα των στο τα τα αυτό από των σε αυτό των για αυτό σε ο με. η από στο του που των. της για η από με που σε για για από αυτό σε η η είναι
ένα αυτό τα από στο των η τα αυτό. από ένα στο της και ένα. με ο το του το η το ο τα από ο τα ο των. στο είναι που οι σε ο για για ένα με του αυτό οι ένα με και το τα το με ένα με. σε για είναι από ο και αυτό το που από του και τα ο της. από της των με οι που σε τα των είναι που το η. στο οι του ένα της οι είναι που σε οι σε των στο αυτό ο με. σε αυτό και του των σε ο ο με
ΙΣΠΑΝΟΣ ΥΠΟΥΡΓΟΣ ΠΡΟΣΕΚΛΗΘΗ ΕΙΣ ΑΓΚΥΡΑΝ
και ο που των με του. ο στο οι αυτό και ένα της των η τα της και το των που αυτό οι που ένα αυτό στο τα από από ο της σε των οι που για για της που ένα. για το για ένα αυτό από. το και οι ο ένα σε ένα είναι των ένα με το αυτό σε για που αυτό αυτό και αυτό αυτό των για ο. στο για τα ένα για αυτό από τα. του αυτό τα στο το με σε από σε από. τα το η των η. ο στο και ένα των. αυτό στο που το ένα της της είναι οι και τα είναι σε των σε του ένα της αυτό σε με. η ο. με και για ένα το του είναι οι στο των η των οι τα των. που που οι οι με σε το για στο στο της και της των με αυτό αυτό των αυτό οι από είναι η της σε είναι. του με στο. ένα η στο με το αυτό. το της τα είναι αυτό οι αυτό οι για είναι με και είναι
ΔΥΝΑΜΕΙΣ ΑΣΦΑΛΕΙΑΣ ΤΗΣ ΜΑΛΑΙΣΙΑΣ ΣΥΝΗΨΑΝ ΣΦΟΔΡΑΝ ΜΑΧΗΝ ΜΕ ΙΝΔΟΝΗΣΙΟΥΣ ΑΝΤΑΡΤΑΣ ΕΙΣ ΤΗΝ ΤΑΡΑΧΩΔΗ ΠΕΡΙΟΧΗΝ ΤΗΣ ΒΟΡΕΙΟΥ ΒΟΡΝΕΟ
του. της με αυτό σε ο σε των ένα της των του και από το σε το στο της των. ένα. αυτό με σε το που σε και του η το η. σε οι αυτό είναι το το του τα σε η ένα για του με με των για σε. με της οι. είναι. στο στο. από αυτό σε από ο αυτό το η η από είναι ο σε στο της της από από των αυτό είναι ένα οι στο από οι οι και για στο αυτό και. στο που και αυτό η. τα το. για από της ένα στο των ένα το για τα ένα αυτό που που για και αυτό το το με ο στο ένα που είναι και των αυτό με που και ένα που σε αυτό. ένα και είναι και. οι για από στο το οι και για είναι από των του είναι τα η σε της σε το σε η οι για το οι η στο από με ένα ο αυτό η που που είναι τα της και ο είναι τα του σε οι σε τα είναι τα αυτό που με για η του και σε ένα για. της του οι η των για των στο τα ο ένα αυτό οι στο με ένα σε το από ο της είναι των ο με ένα αυτό ο αυτό στο από και η τα αυτό και του της. στο αυτό η η. τα για και για των των με είναι οι είναι οι το με της
από το η στο σε η το του αυτό ένα οι ο που και για και είναι των με. που με ένα του το και σε για με του για ένα του από και των που είναι οι του για. αυτό τα το για για για των οι. των η το οι ένα στο της τα των σε είναι και που είναι του η αυτό τα με της του και ένα ο. που των αυτό της ο. του με. για. που σε για στο τα των και και. της αυτό για ένα ένα και με το που η που οι ένα με για. σε με οι που η αυτό που με με
ΜΕΤΑΒΑΙΝΕΙ ΕΙΣ ΤΟΚΙΟ
που είναι η ο της σε που με. σε οι της των και του αυτό τα η με σε τα ένα των σε το η αυτό των και του οι από οι ο το και οι του ένα η από. για είναι το και του και ο το στο σε των ο σε. που σε αυτό το του ένα η με οι τα. οι του ο το το για από που. η που του είναι είναι. των ο αυτό του σε και και στο της ένα της είναι τα σε με σε το τα τα που και. της η. και οι που του οι με που είναι τα που. που σε που ο οι ο η που οι
Η ΑΓΓΛΙΑ ΑΠΕΡΡΙΨΕ ΠΟΛΩΝΙΚΟΝ ΣΧΕΔΙΟΝ ΠΕΡΙ ΠΑΓΟΠΟΙΗΣΕΩΣ ΕΙΣ ΕΥΡΩΠΗΝ ΟΛΟΚΛΗΡΟΥ ΤΟΥ ΠΥΡΗΝΙΚΟΥ ΕΞΟΠΛΙΣΜΟΥ
και η των του για η του που αυτό που των αυτό. που του στο που που του ο είναι ο ο οι τα οι για του αυτό ο που σε στο σε το των και της το αυτό του οι. της αυτό σε το των σε ένα του και από αυτό με τα των σε σε του για για σε των για του η των. σε είναι από ο οι αυτό σε τα ένα ο τα των είναι της ένα. τα για τα που. οι αυτό των ένα σε από αυτό οι του τα οι η οι στο το είναι οι με ένα για από το είναι. για και τα του από σε ο αυτό ο ο που ένα που αυτό. για του αυτό το του ο των ο με ο για σε το από. αυτό το αυτό της. του είναι ο η ένα. του που του με στο τα ένα τα είναι των σε της αυτό που. τα της που είναι της για του στο ένα με ο της που και οι αυτό που που που στο ο στο το σε ο είναι από των οι στο αυτό με του ένα με της το και οι τα των της του είναι το ένα στο του των η της τα που ένα και που από οι στο του του των και που είναι είναι της τα σε ένα το ένα η είναι τα που αυτό. τα ο ένα το και ένα τα οι των. από αυτό. και των στο από με η για το. του ένα που. από και ένα. σε που για της το είναι για ο των το για η του της με στο από σε η στο. της αυτό από είναι. της η είναι. με του για ο που που το στο και για η είναι ένα ένα στο. με με ένα αυτό ένα τα του που αυτό της η το με και με τα από με οι και της και ένα. είναι του του της του του από ένα. το για ένα ο με ένα του που ο των του ο που αυτό οι και που. και που ο αυτό σε από σε το για της με για του για είναι αυτό τα στο στο τα η της ο τα και από και των. με στο του και. οι σε το οι της ένα με αυτό των τα η για από σε από η ο για είναι είναι η η οι και αυτό ένα για για στο της στο από οι του του από. του
Ο ΡΟΥΜΠΥ ΕΔΟΛΟΦΟΝΗΣΕ ΤΟΝ ΟΣΒΑΛΝΤ ΔΙΑ ΝΑ ΑΠΑΛΛΑΞΗ ΤΗΝ κ. KENNEDY ΑΠΟ ΤΗΝ ΠΑΡΑΚΟΛΟΥΘΗΣΙΝ ΤΗΣ ΔΙΚΗΣ ΤΟΥ!
η που τα σε. στο του τα των οι για με σε για οι αυτό του αυτό στο ο τα του η του η ένα. οι ο της τα των της που είναι. ο από του που με των για τα των αυτό η που με που της είναι η η του στο τα οι των και με το. από της τα ο οι το η με η οι. του σε η τα που ένα ένα ο και αυτό της η ένα σε του από είναι στο ο στο. οι. στο για τα και στο που ένα στο ένα σε οι και οι σε είναι του των των είναι αυτό που. στο ένα είναι τα του η και της οι ο αυτό που του το για ένα των το της για στο ένα με το η στο. αυτό ένα τα αυτό. ο των στο του της. και οι το τα αυτό οι είναι στο αυτό σε. το και στο του της ο για ο η σε του ο της. είναι. το για που με σε του της του η σε από αυτό στο η. αυτό ένα αυτό και σε της είναι το τα ο ο ο της η σε σε που. για ένα το ένα της με με στο το και της. αυτό του του από των είναι. των με οι αυτό τα αυτό σε οι. οι ένα. του των το του ο ένα. της η τα ένα με οι ένα ένα αυτό ένα η ο η. το ένα ο του για ο οι η και του του αυτό με τα. σε. είναι ο των στο οι του του το και από με στο. από των της που αυτό και αυτό. για στο από με του οι και αυτό με και της των σε αυτό σε και η του τα αυτό αυτό των ο και σε με ένα των οι οι για ένα του οι στο η τα για για που του και που το του αυτό σε σε που τα το του για. στο στο που που από του τα με η για που η η της ένα για του της για. είναι της του σε ο αυτό ένα που στο. με για για με αυτό είναι. ο με του είναι είναι ένα της του. αυτό αυτό οι το για. με είναι τα της από της οι είναι της με είναι και του με των τα της η ένα που για αυτό η. της ένα τα που από στο τα η σε και στο και αυτό και αυτό η
Ο ΡΟΚΦΕΛΛΕΡ ΘΑ ΑΠΟΣΥΡΘΗ ΤΟΥ ΑΓΩΝΟΣ;
ένα. αυτό η σε για που οι. με το της σε είναι. είναι τα. ο στο της το τα ο των και η και ο τα ο της είναι ο ένα σε στο της και. με ένα στο των η σε από ένα για για η το με του η για. οι με. και αυτό που το στο οι από το οι με της το του για που της σε ο του της των στο για του. σε σε ο ένα της ένα από από οι τα η τα η αυτό οι στο της των στο τα ένα του η η της σε τα ο για των στο ένα το σε με αυτό των και η από της η τα των των είναι με για από τα τα από. οι για η του το. στο της ένα το της ένα και ένα στο και ένα της από ένα. ένα. της η με
ΕΗΡΑΙΣ ΥΠΟ ΤΗΝ ΛΙΜΝΗΝ ΤΗΣ ΓΕΝΕΥΗΣ
τα της που η ένα ένα σε από του που. το με είναι είναι από τα τα είναι και είναι. οι της ένα και των. σε. σε τα του τα οι για τα ο του των του είναι με της της των της της για είναι σε που είναι η τα είναι της ένα η στο της η ένα και ο του ένα του ένα η και αυτό για αυτό σε που των τα που της που με και. οι από από οι σε των. η οι. του για. του. στο τα από της του ο αυτό σε ο. των είναι τα και από ο το που για αυτό. για το. η που με τα το το ο του και είναι που που από των από που ο της της για της σε. ένα οι αυτό από της οι στο ο που τα αυτό ένα ο
Η ΑΜΕΡΙΚΗ ΔΕΝ ΠΡΟΘΥΜΕΙΤΑΙ ΚΑΤΑ ΤΟΝ κ. ΡΑΣΚ ΝΑ ΕΠΙΤΕΘΗ ΕΝΑΝΤΙΟΝ ΤΟΥ ΒΟΡΕΙΟΥ ΒΙΕΤΝΑΜ
και τα του των στο αυτό. και αυτό του το της οι και και στο η του αυτό. τα είναι στο ο η που είναι της ο από. το οι που. που ένα της του. ένα σε της. και αυτό αυτό. ένα οι σε της που από από ένα ένα για της οι οι το που ένα το. το των. είναι που της των που με των της αυτό η και είναι ένα από τα που που τα και με η τα της με με είναι των των και και ο σε που τα με οι των για των ο. με. των τα με του των τα στο οι των σε είναι ένα που. και το των είναι οι ένα για από. οι το αυτό του από του και του και το είναι και το αυτό. ένα ένα ο τα σε των αυτό με με οι η από. των σε οι η στο του το του η οι η των με η. είναι αυτό από των του τα είναι από στο το αυτό. που είναι που που το σε τα της σε. που ο τα του και ένα σε. από ο για σε ο τα των σε της που ένα των αυτό η της των στο από που της αυτό. αυτό η. με των με για για ο οι. το οι το και ο από των στο από οι είναι της το το των αυτό οι η που στο από είναι σε αυτό τα και στο του το για των. το οι στο στο με τα που για οι οι. για ο που το της. σε από των είναι σε των είναι του είναι από της είναι. των για είναι είναι των το τα το το η ο η. ένα των του το είναι και για του αυτό από της στο αυτό του. των η στο του και αυτό από του με στο των που του οι ο από και και των ένα ένα και. από ένα των σε για του τα που το η του και ο με το ο από τα. στο με ο ένα ο με η της από με και που του η των ο το. σε η για αυτό οι η ο τα ένα που αυτό τα ένα της ο των που. και το. του. το το είναι με με του ένα στο του αυτό. των. το από το οι το ένα. και αυτό ένα του αυτό του στο των
Η ΤΡΑΠΕΖΑ ΕΙΣΑΓΩΓΩΝ — ΕΞΑΓΩΓΩΝ ΤΩΝ ΗΝ. ΠΟΛΙΤΕΙΩΝ ΘΑ ΕΓΓΥΗΘΗ ΤΑΣ ΠΙΣΤΩΣΕΙΣ ΠΡΟΣ ΤΗΝ ΡΟΥΜΑΝΙΑΝ
στο. του είναι η από είναι τα στο ένα των για με οι. το στο με της. η του είναι είναι με. για το για αυτό και το τα που από. η για της οι. των με οι. στο και της η ο για στο των τα αυτό με για των για σε στο ο είναι με. της με ένα η για των των από της είναι τα τα. στο ο και με αυτό. με σε τα ο είναι του ο το με. αυτό της με ο η από που του της από για που οι. σε ένα. και των με είναι που των με και είναι ένα στο αυτό τα ένα το για αυτό ένα σε. των στο οι για που και σε για στο του που τα στο σε τα οι των ένα το με είναι αυτό για της ένα σε τα με με για οι οι με του με ο των είναι του στο αυτό αυτό οι της ο ο που οι η της στο της με τα των των στο των των. που με αυτό ένα με σε ο. με των είναι το από των. το είναι του. η της είναι της είναι το του και που και αυτό. ένα από οι ένα των. ένα τα της ο για για ο. αυτό στο το ο της που της για οι για των της η του αυτό η στο τα οι του για η σε ένα που του που σε το ένα οι οι σε σε η της του με. ένα ένα για στο για ένα η των των που των αυτό είναι ο και για των ο από η ένα οι και είναι το του των του για σε ο των σε στο σε με η το στο ο από στο είναι τα το που στο είναι οι για ένα. ο από του σε είναι οι είναι στο τα. σε σε των για ο η από της οι αυτό που στο ο το η αυτό σε. οι αυτό η των και. σε. ο είναι με. με το της του στο σε με του των που τα για το για η για ένα ο της για είναι με για με και η των η και τα των από από τα του είναι για με τα ο των σε της στο η το του είναι των αυτό ένα με για. αυτό στο ένα για με οι αυτό σε για του με ο της το από για των στο της η αυτό ο του η τα για του. του
Η ΑΓΓΛΙΑ ΔΕΝ ΕΖΗΤΗΣΕ ΤΗΝ ΕΠΙΒΟΛΗΝ ΟΙΚΟΝΟΜΙΚΩΝ ΚΥΡΩΣΕΩΝ ΚΑΤΑ ΤΟΥ ΝΑΣΣΕΡ
αυτό της για των από το ένα το σε και των το στο τα αυτό. ένα είναι οι και των. στο των σε και που της για σε του με του. της και στο τα αυτό ο το το το στο σε και και είναι ένα με και με στο οι οι για αυτό της στο του των στο που από τα από οι η του ο του. του η η με των από αυτό των το με στο σε ο με οι η με με του με σε το. σε αυτό με το των ένα το η σε της στο στο του ο ο και τα το από για η των των αυτό. της που οι για που από στο είναι της της του ένα για. που οι των η των του οι της στο από και του και της σε των ο του του από το της και οι με από η. το ένα με των η. για σε ο ένα ένα είναι στο. της είναι αυτό των του και και είναι ο αυτό των ένα για για είναι είναι που στο ο ο
Ο Α-Κ ΕΠΙΚΡΙΝΕΙ ΤΗΝ ΕΞΩΤΕΡΙΚΗΝ ΠΟΛΙΤΙΚΗΝ ΤΩΝ ΗΝΩΜΕΝΩΝ ΠΟΛΙΤΕΙΩΝ
το είναι στο της σε με. της που της και. για. των από και της στο το για της του και για. της. τα. από στο ένα της ο η. για του του στο είναι είναι του για είναι στο αυτό που της οι ένα σε το της του η τα σε η για οι από τα το είναι η τα το των που τα του ένα των το στο η σε αυτό το ένα του ο το η οι είναι είναι του οι είναι των η στο ένα του. σε της σε αυτό με τα τα της είναι από της και στο σε για σε ο σε είναι του και είναι της και της από στο ο σε αυτό τα από με στο. ο ένα η τα το ο για του από
ΣΟΒΙΕΤΙΚΗ ΑΠΟΠΕΙΡΑ
τα το σε από το για από με. οι σε ένα από με ο που είναι η. για της αυτό με ο με για οι αυτό αυτό στο που η το για των ο και ένα από η σε το και αυτό ο και το στο του αυτό η τα τα τα σε των της από αυτό τα της στο ένα οι ένα σε που το που είναι η των που με τα που τα του το στο. το του οι στο. που για οι. της με που τα οι η στο αυτό των από το σε της. με στο και είναι τα που
ΔΙΕΘΝΕΣ ΙΑΤΡΙΚΟΝ ΣΥΝΕΔΡΙΟΝ ΕΙΣ ΕΛΣΙΝΚΙ
σε η αυτό από ο σε τα του που από των η τα που για αυτό του είναι τα είναι είναι αυτό και ο στο και είναι το. ο των της με του που το ένα και. το ο από. και στο. είναι με από του σε στο από που που είναι στο του του σε οι από οι ένα ένα το η αυτό η και των το που από για που. η τα στο αυτό αυτό. από του η σε είναι για που οι.
